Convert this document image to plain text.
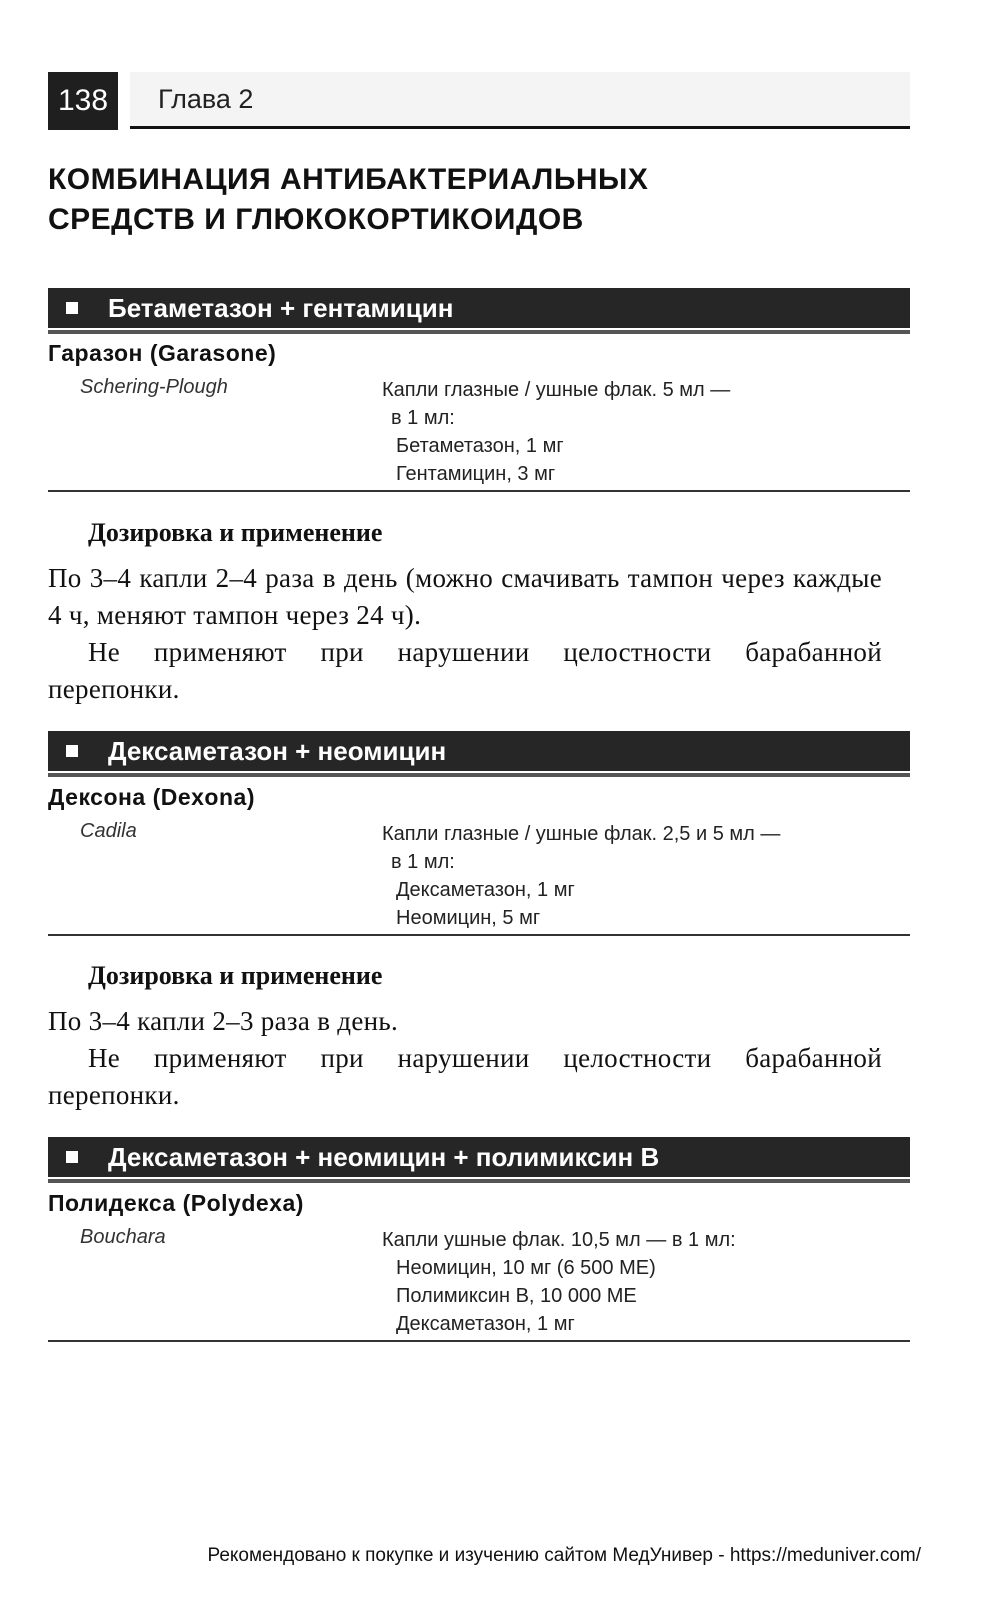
138	Глава 2
КОМБИНАЦИЯ АНТИБАКТЕРИАЛЬНЫХ
СРЕДСТВ И ГЛЮКОКОРТИКОИДОВ
Бетаметазон + гентамицин
Гаразон (Garasone)
Schering-Plough	Капли глазные / ушные флак. 5 мл —
в 1 мл:
Бетаметазон, 1 мг
Гентамицин, 3 мг
Дозировка и применение

По 3–4 капли 2–4 раза в день (можно смачивать тампон через каждые 4 ч, меняют тампон через 24 ч).

Не применяют при нарушении целостности барабанной перепонки.

Дексаметазон + неомицин
Дексона (Dexona)
Cadila	Капли глазные / ушные флак. 2,5 и 5 мл —
в 1 мл:
Дексаметазон, 1 мг
Неомицин, 5 мг
Дозировка и применение

По 3–4 капли 2–3 раза в день.

Не применяют при нарушении целостности барабанной перепонки.

Дексаметазон + неомицин + полимиксин В
Полидекса (Polydexa)
Bouchara	Капли ушные флак. 10,5 мл — в 1 мл:
Неомицин, 10 мг (6 500 МЕ)
Полимиксин В, 10 000 МЕ
Дексаметазон, 1 мг
Рекомендовано к покупке и изучению сайтом МедУнивер - https://meduniver.com/
